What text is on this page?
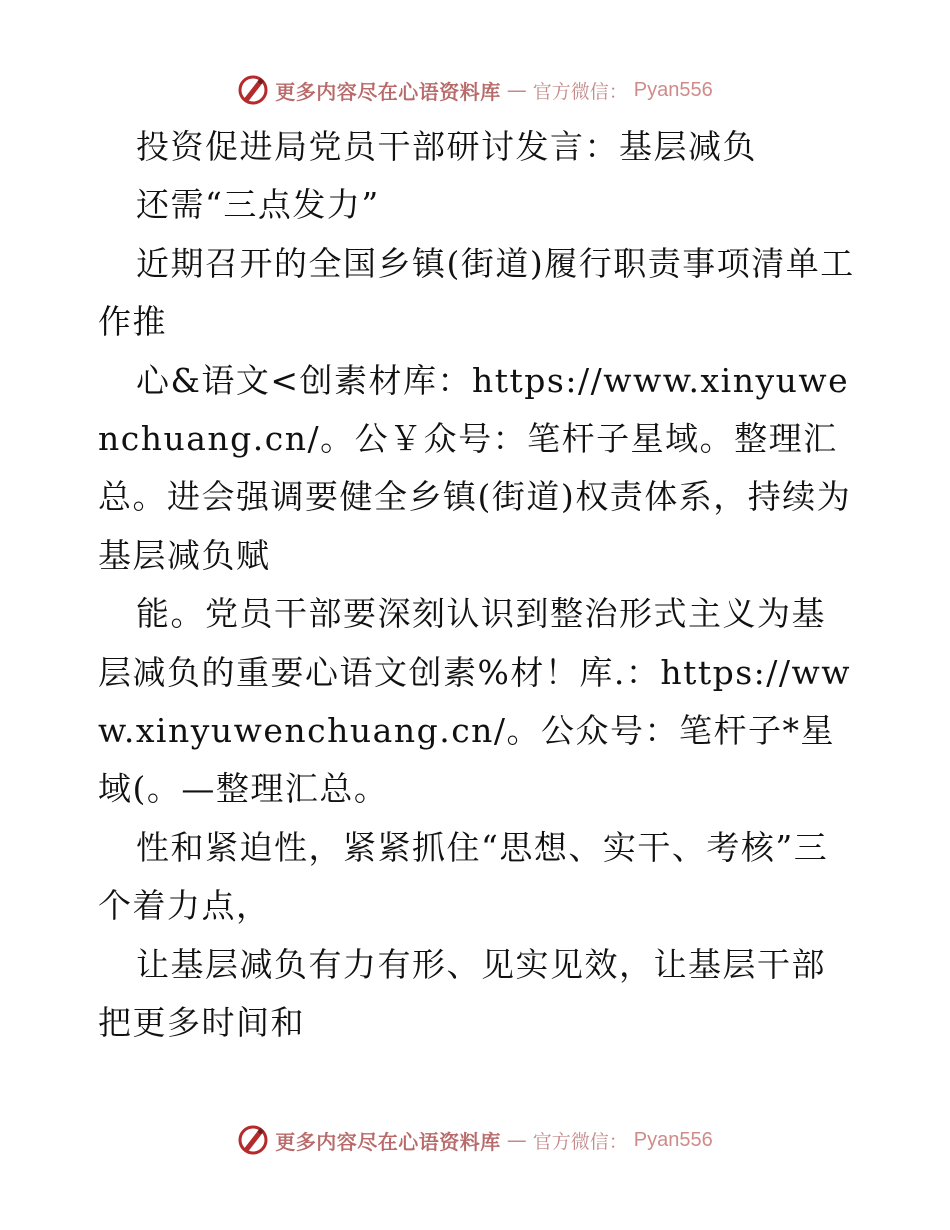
更多内容尽在心语资料库 — 官方微信： Pyan556

投资促进局党员干部研讨发言：基层减负

还需“三点发力”

近期召开的全国乡镇(街道)履行职责事项清单工作推

心&语文<创素材库：https://www.xinyuwenchuang.cn/。公￥众号：笔杆子星域。整理汇总。进会强调要健全乡镇(街道)权责体系，持续为基层减负赋

能。党员干部要深刻认识到整治形式主义为基层减负的重要心语文创素%材！库.：https://www.xinyuwenchuang.cn/。公众号：笔杆子*星域(。—整理汇总。

性和紧迫性，紧紧抓住“思想、实干、考核”三个着力点，

让基层减负有力有形、见实见效，让基层干部把更多时间和

更多内容尽在心语资料库 — 官方微信： Pyan556
